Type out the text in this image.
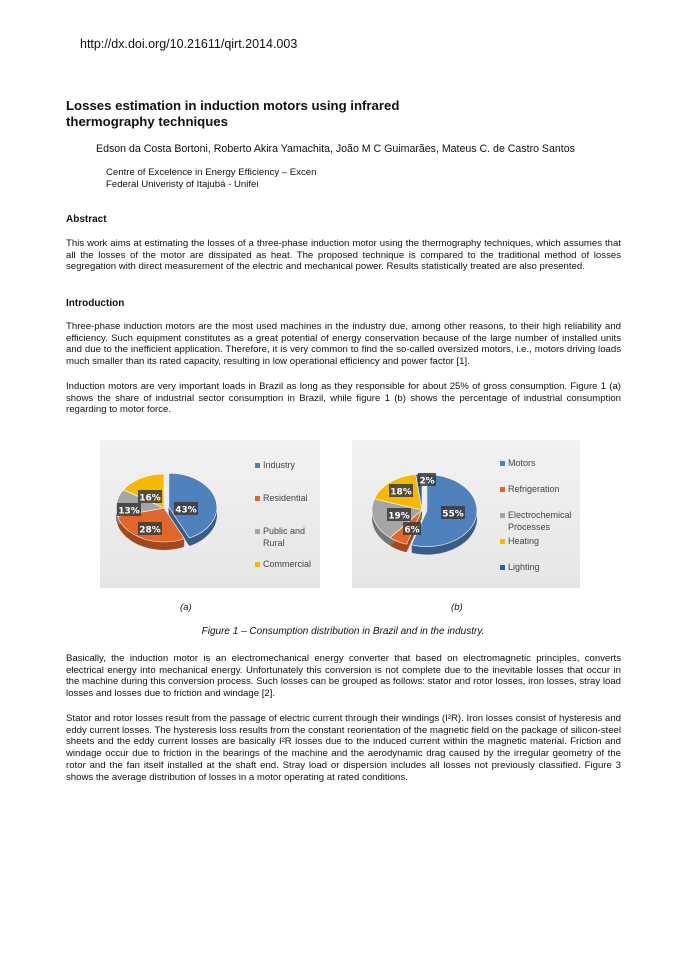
http://dx.doi.org/10.21611/qirt.2014.003
Losses estimation in induction motors using infrared
thermography techniques
Edson da Costa Bortoni, Roberto Akira Yamachita, João M C Guimarães, Mateus C. de Castro Santos
Centre of Excelence in Energy Efficiency – Excen
Federal Univeristy of Itajubá - Unifei
Abstract

This work aims at estimating the losses of a three-phase induction motor using the thermography techniques, which assumes that all the losses of the motor are dissipated as heat. The proposed technique is compared to the traditional method of losses segregation with direct measurement of the electric and mechanical power. Results statistically treated are also presented.

Introduction

Three-phase induction motors are the most used machines in the industry due, among other reasons, to their high reliability and efficiency. Such equipment constitutes as a great potential of energy conservation because of the large number of installed units and due to the inefficient application. Therefore, it is very common to find the so-called oversized motors, i.e., motors driving loads much smaller than its rated capacity, resulting in low operational efficiency and power factor [1].

Induction motors are very important loads in Brazil as long as they responsible for about 25% of gross consumption. Figure 1 (a) shows the share of industrial sector consumption in Brazil, while figure 1 (b) shows the percentage of industrial consumption regarding to motor force.

43%
28%
13%
16%
Industry
Residential
Public and
Rural
Commercial
55%
6%
19%
18%
2%
Motors
Refrigeration
Electrochemical
Processes
Heating
Lighting
(a)	(b)
Figure 1 – Consumption distribution in Brazil and in the industry.

Basically, the induction motor is an electromechanical energy converter that based on electromagnetic principles, converts electrical energy into mechanical energy. Unfortunately this conversion is not complete due to the inevitable losses that occur in the machine during this conversion process. Such losses can be grouped as follows: stator and rotor losses, iron losses, stray load losses and losses due to friction and windage [2].

Stator and rotor losses result from the passage of electric current through their windings (I²R). Iron losses consist of hysteresis and eddy current losses. The hysteresis loss results from the constant reorientation of the magnetic field on the package of silicon-steel sheets and the eddy current losses are basically I²R losses due to the induced current within the magnetic material. Friction and windage occur due to friction in the bearings of the machine and the aerodynamic drag caused by the irregular geometry of the rotor and the fan itself installed at the shaft end. Stray load or dispersion includes all losses not previously classified. Figure 3 shows the average distribution of losses in a motor operating at rated conditions.
